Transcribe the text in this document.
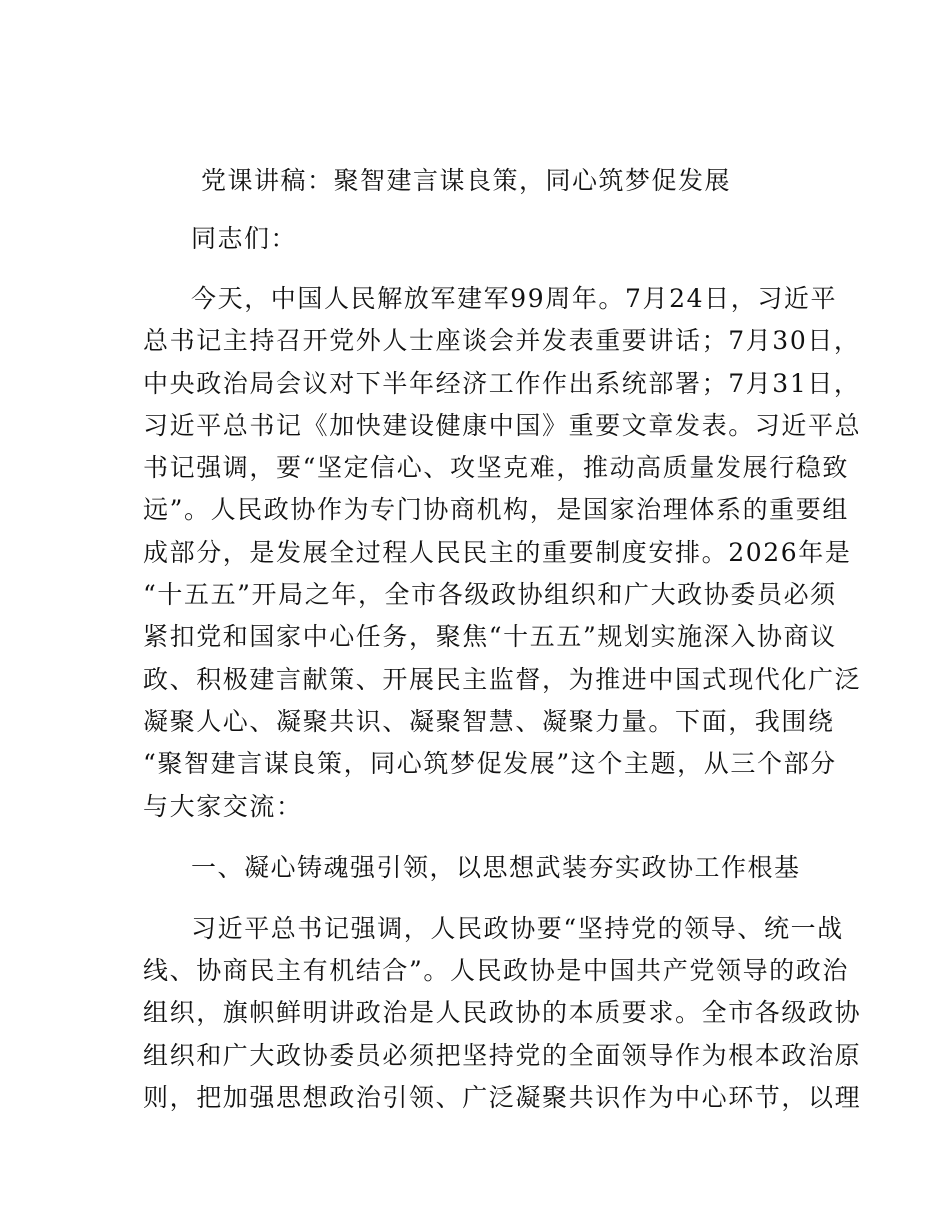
党课讲稿：聚智建言谋良策，同心筑梦促发展

同志们：

今天，中国人民解放军建军99周年。7月24日，习近平
总书记主持召开党外人士座谈会并发表重要讲话；7月30日，
中央政治局会议对下半年经济工作作出系统部署；7月31日，
习近平总书记《加快建设健康中国》重要文章发表。习近平总
书记强调，要“坚定信心、攻坚克难，推动高质量发展行稳致
远”。人民政协作为专门协商机构，是国家治理体系的重要组
成部分，是发展全过程人民民主的重要制度安排。2026年是
“十五五”开局之年，全市各级政协组织和广大政协委员必须
紧扣党和国家中心任务，聚焦“十五五”规划实施深入协商议
政、积极建言献策、开展民主监督，为推进中国式现代化广泛
凝聚人心、凝聚共识、凝聚智慧、凝聚力量。下面，我围绕
“聚智建言谋良策，同心筑梦促发展”这个主题，从三个部分
与大家交流：

一、凝心铸魂强引领，以思想武装夯实政协工作根基

习近平总书记强调，人民政协要“坚持党的领导、统一战
线、协商民主有机结合”。人民政协是中国共产党领导的政治
组织，旗帜鲜明讲政治是人民政协的本质要求。全市各级政协
组织和广大政协委员必须把坚持党的全面领导作为根本政治原
则，把加强思想政治引领、广泛凝聚共识作为中心环节，以理
